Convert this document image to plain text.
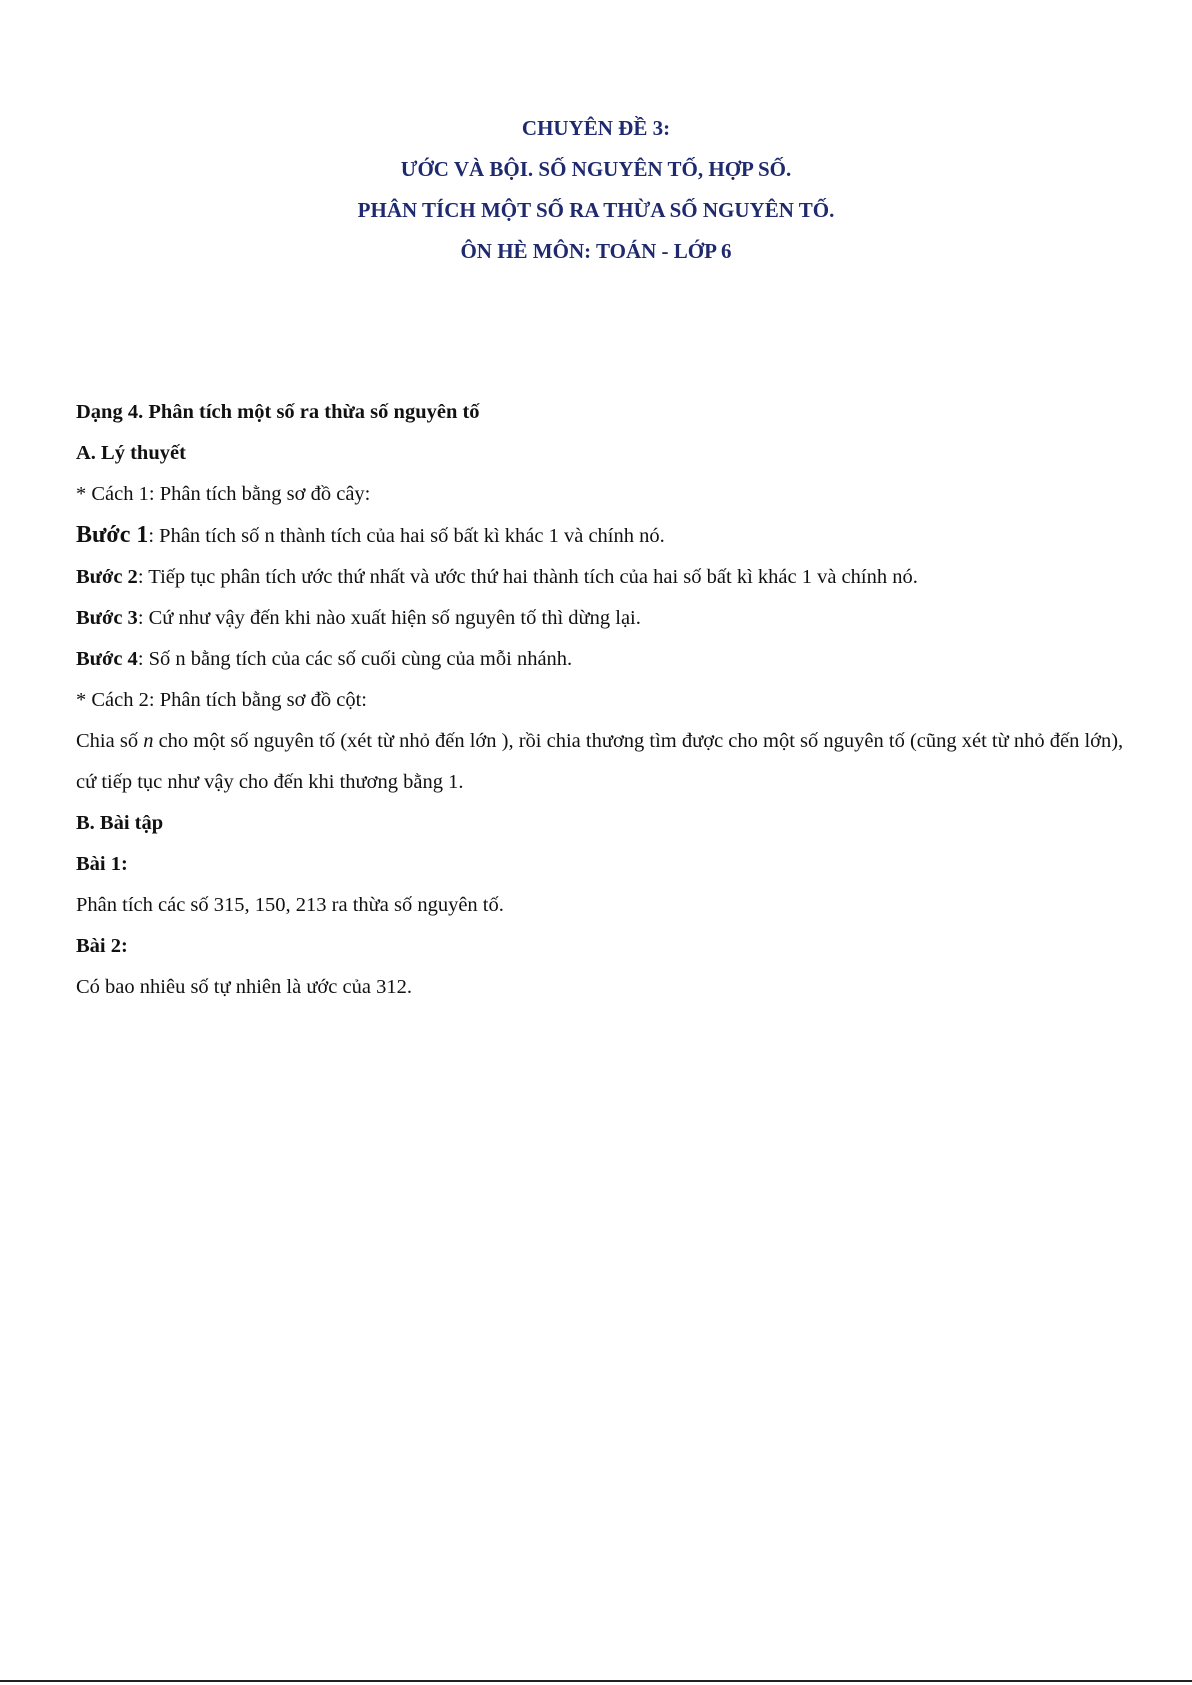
CHUYÊN ĐỀ 3:
ƯỚC VÀ BỘI. SỐ NGUYÊN TỐ, HỢP SỐ.
PHÂN TÍCH MỘT SỐ RA THỪA SỐ NGUYÊN TỐ.
ÔN HÈ MÔN: TOÁN - LỚP 6
Dạng 4. Phân tích một số ra thừa số nguyên tố
A. Lý thuyết
* Cách 1: Phân tích bằng sơ đồ cây:
Bước 1: Phân tích số n thành tích của hai số bất kì khác 1 và chính nó.
Bước 2: Tiếp tục phân tích ước thứ nhất và ước thứ hai thành tích của hai số bất kì khác 1 và chính nó.
Bước 3: Cứ như vậy đến khi nào xuất hiện số nguyên tố thì dừng lại.
Bước 4: Số n bằng tích của các số cuối cùng của mỗi nhánh.
* Cách 2: Phân tích bằng sơ đồ cột:
Chia số n cho một số nguyên tố (xét từ nhỏ đến lớn ), rồi chia thương tìm được cho một số nguyên tố (cũng xét từ nhỏ đến lớn), cứ tiếp tục như vậy cho đến khi thương bằng 1.
B. Bài tập
Bài 1:
Phân tích các số 315, 150, 213 ra thừa số nguyên tố.
Bài 2:
Có bao nhiêu số tự nhiên là ước của 312.
